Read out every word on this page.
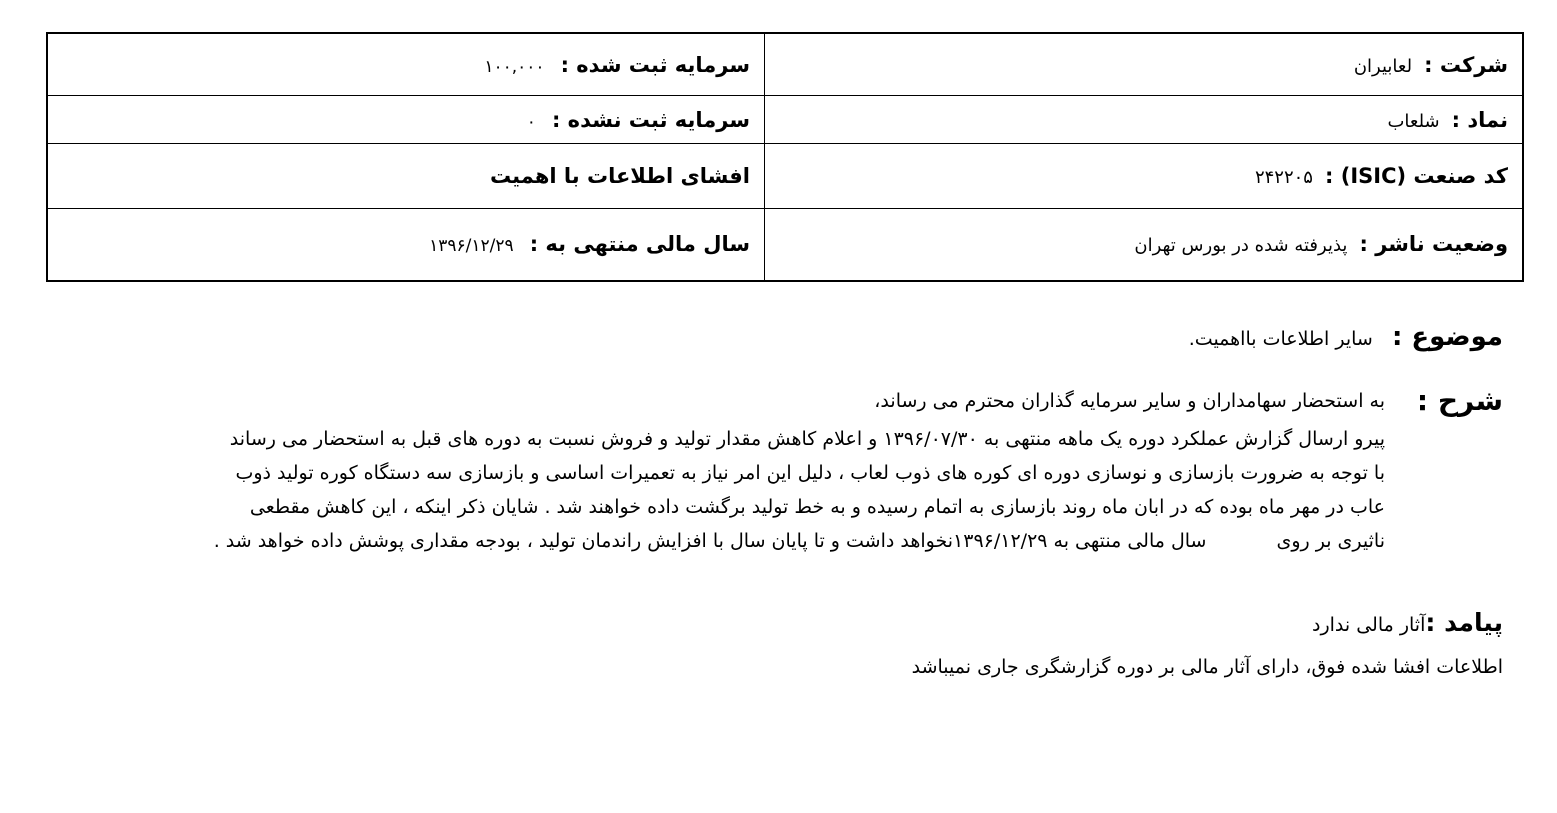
شرکت : لعابیران	سرمایه ثبت شده : ۱۰۰,۰۰۰
نماد : شلعاب	سرمایه ثبت نشده : ۰
کد صنعت (ISIC) : ۲۴۲۲۰۵	افشای اطلاعات با اهمیت
وضعیت ناشر : پذیرفته شده در بورس تهران	سال مالی منتهی به : ۱۳۹۶/۱۲/۲۹
موضوع : سایر اطلاعات بااهمیت.
شرح :
به استحضار سهامداران و سایر سرمایه گذاران محترم می رساند،
پیرو ارسال گزارش عملکرد دوره یک ماهه منتهی به ۱۳۹۶/۰۷/۳۰ و اعلام کاهش مقدار تولید و فروش نسبت به دوره های قبل به استحضار می رساند
با توجه به ضرورت بازسازی و نوسازی دوره ای کوره های ذوب لعاب ، دلیل این امر نیاز به تعمیرات اساسی و بازسازی سه دستگاه کوره تولید ذوب
عاب در مهر ماه بوده که در ابان ماه روند بازسازی به اتمام رسیده و به خط تولید برگشت داده خواهند شد . شایان ذکر اینکه ، این کاهش مقطعی
ناثیری بر رویسال مالی منتهی به ۱۳۹۶/۱۲/۲۹نخواهد داشت و تا پایان سال با افزایش راندمان تولید ، بودجه مقداری پوشش داده خواهد شد .
پیامد :آثار مالی ندارد
اطلاعات افشا شده فوق، دارای آثار مالی بر دوره گزارشگری جاری نمیباشد
